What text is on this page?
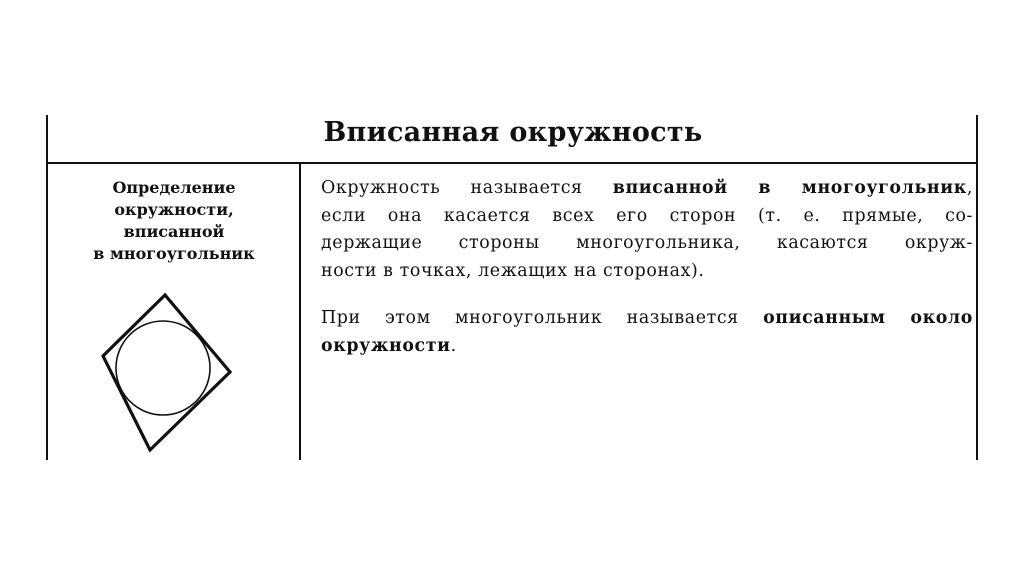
Вписанная окружность
Определение
окружности,
вписанной
в многоугольник
Окружность называется вписанной в многоугольник,
если она касается всех его сторон (т. е. прямые, со-
держащие стороны многоугольника, касаются окруж-
ности в точках, лежащих на сторонах).
При этом многоугольник называется описанным около
окружности.
